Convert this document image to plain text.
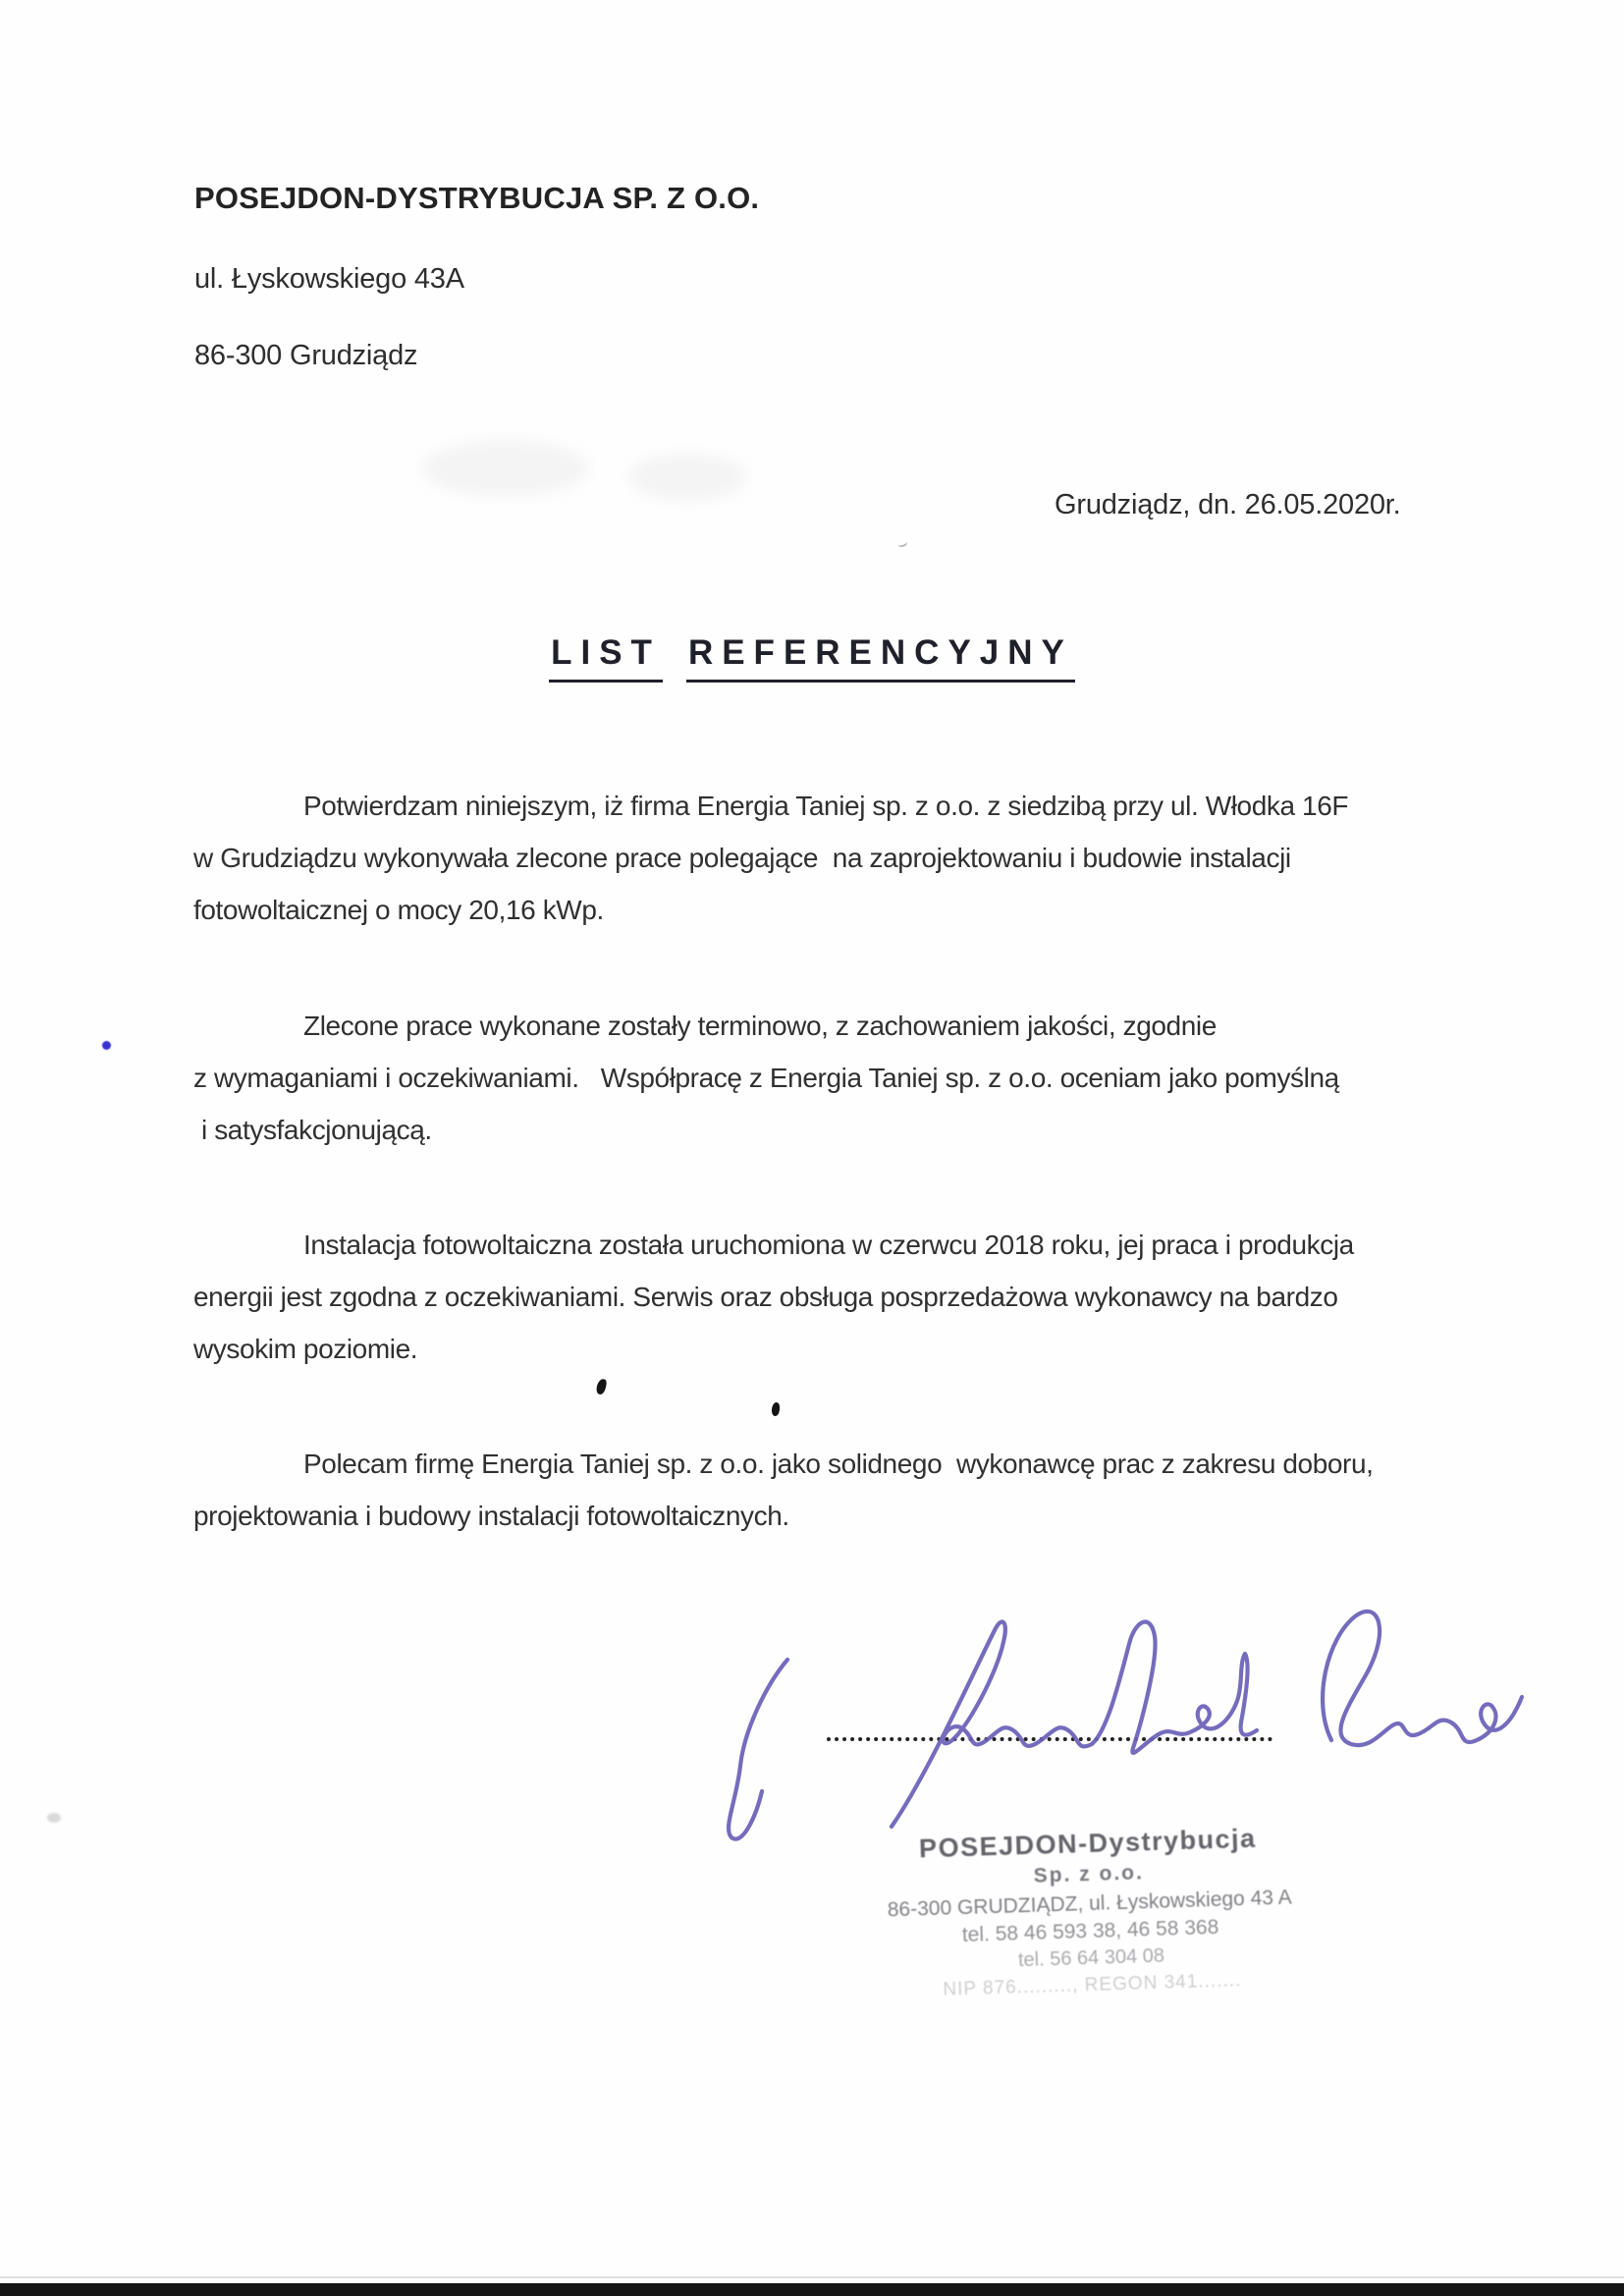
POSEJDON-DYSTRYBUCJA SP. Z O.O.
ul. Łyskowskiego 43A
86-300 Grudziądz
Grudziądz, dn. 26.05.2020r.
LIST REFERENCYJNY
Potwierdzam niniejszym, iż firma Energia Taniej sp. z o.o. z siedzibą przy ul. Włodka 16F
w Grudziądzu wykonywała zlecone prace polegające  na zaprojektowaniu i budowie instalacji
fotowoltaicznej o mocy 20,16 kWp.
Zlecone prace wykonane zostały terminowo, z zachowaniem jakości, zgodnie
z wymaganiami i oczekiwaniami.   Współpracę z Energia Taniej sp. z o.o. oceniam jako pomyślną
i satysfakcjonującą.
Instalacja fotowoltaiczna została uruchomiona w czerwcu 2018 roku, jej praca i produkcja
energii jest zgodna z oczekiwaniami. Serwis oraz obsługa posprzedażowa wykonawcy na bardzo
wysokim poziomie.
Polecam firmę Energia Taniej sp. z o.o. jako solidnego  wykonawcę prac z zakresu doboru,
projektowania i budowy instalacji fotowoltaicznych.
POSEJDON-Dystrybucja
Sp. z o.o.
86-300 GRUDZIĄDZ, ul. Łyskowskiego 43 A
tel. 58 46 593 38, 46 58 368
tel. 56 64 304 08
NIP 876........., REGON 341.......
